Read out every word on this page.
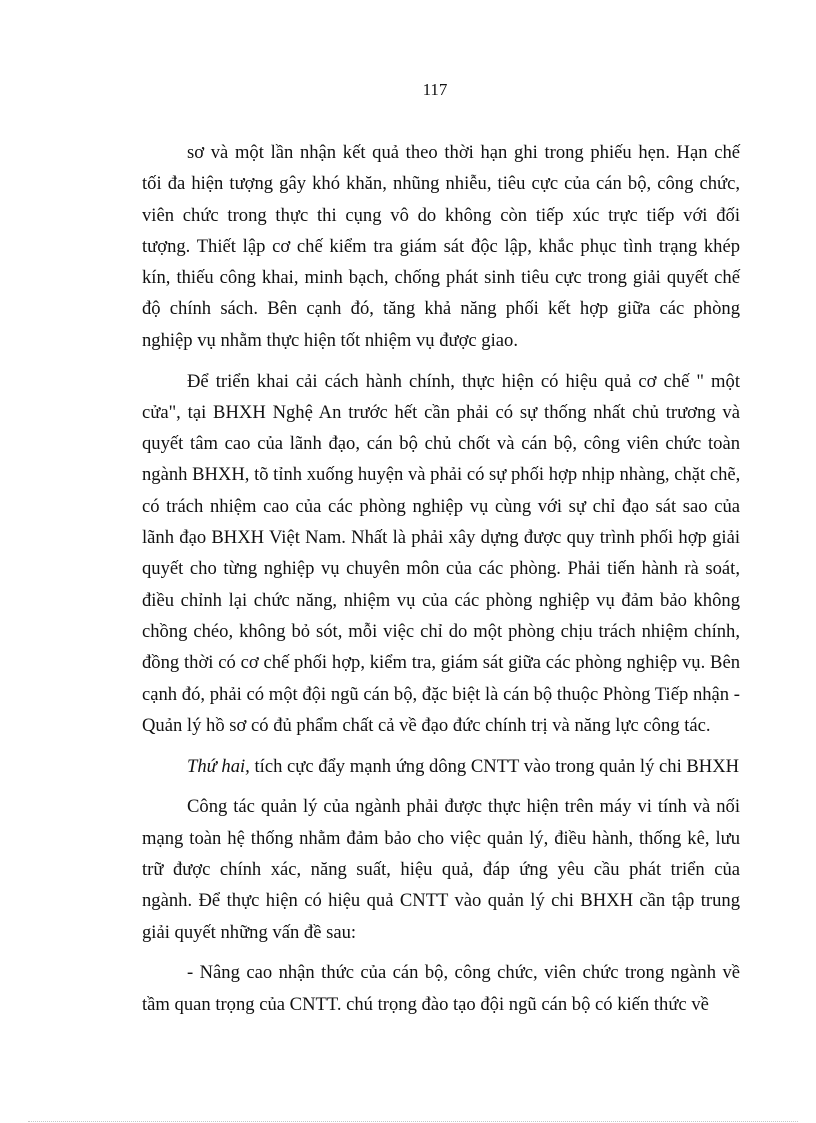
117

sơ và một lần nhận kết quả theo thời hạn ghi trong phiếu hẹn. Hạn chế
tối đa hiện tượng gây khó khăn, nhũng nhiễu, tiêu cực của cán bộ, công chức,
viên chức trong thực thi cụng vô do không còn tiếp xúc trực tiếp với đối
tượng. Thiết lập cơ chế kiểm tra giám sát độc lập, khắc phục tình trạng khép
kín, thiếu công khai, minh bạch, chống phát sinh tiêu cực trong giải quyết chế
độ chính sách. Bên cạnh đó, tăng khả năng phối kết hợp giữa các phòng
nghiệp vụ nhằm thực hiện tốt nhiệm vụ được giao.

Để triển khai cải cách hành chính, thực hiện có hiệu quả cơ chế " một
cửa", tại BHXH Nghệ An trước hết cần phải có sự thống nhất chủ trương và
quyết tâm cao của lãnh đạo, cán bộ chủ chốt và cán bộ, công viên chức toàn
ngành BHXH, tõ tỉnh xuống huyện và phải có sự phối hợp nhịp nhàng, chặt chẽ,
có trách nhiệm cao của các phòng nghiệp vụ cùng với sự chỉ đạo sát sao của
lãnh đạo BHXH Việt Nam. Nhất là phải xây dựng được quy trình phối hợp giải
quyết cho từng nghiệp vụ chuyên môn của các phòng. Phải tiến hành rà soát,
điều chỉnh lại chức năng, nhiệm vụ của các phòng nghiệp vụ đảm bảo không
chồng chéo, không bỏ sót, mỗi việc chỉ do một phòng chịu trách nhiệm chính,
đồng thời có cơ chế phối hợp, kiểm tra, giám sát giữa các phòng nghiệp vụ. Bên
cạnh đó, phải có một đội ngũ cán bộ, đặc biệt là cán bộ thuộc Phòng Tiếp nhận -
Quản lý hồ sơ có đủ phẩm chất cả về đạo đức chính trị và năng lực công tác.

Thứ hai, tích cực đẩy mạnh ứng dông CNTT vào trong quản lý chi BHXH

Công tác quản lý của ngành phải được thực hiện trên máy vi tính và nối
mạng toàn hệ thống nhằm đảm bảo cho việc quản lý, điều hành, thống kê, lưu
trữ được chính xác, năng suất, hiệu quả, đáp ứng yêu cầu phát triển của
ngành. Để thực hiện có hiệu quả CNTT vào quản lý chi BHXH cần tập trung
giải quyết những vấn đề sau:

- Nâng cao nhận thức của cán bộ, công chức, viên chức trong ngành về
tầm quan trọng của CNTT. chú trọng đào tạo đội ngũ cán bộ có kiến thức về
